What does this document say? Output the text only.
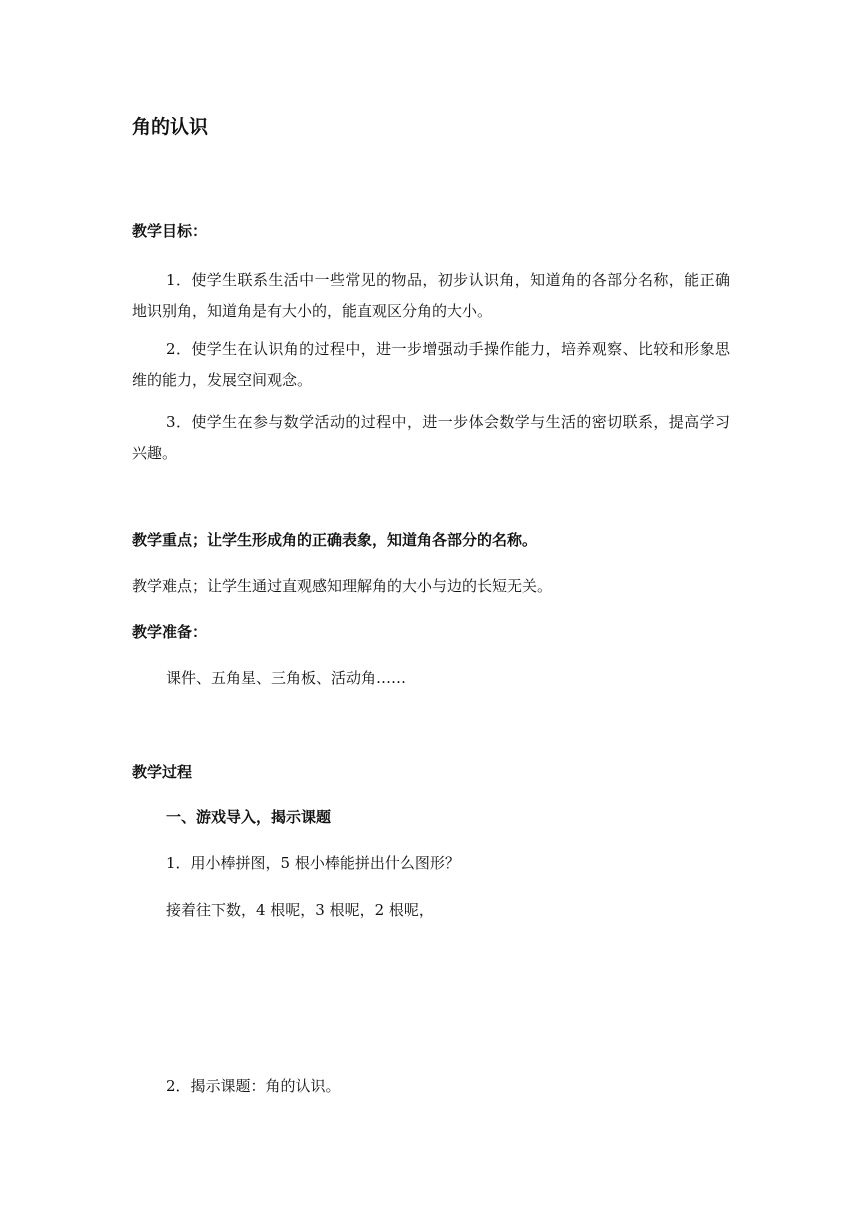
角的认识
教学目标：

1．使学生联系生活中一些常见的物品，初步认识角，知道角的各部分名称，能正确地识别角，知道角是有大小的，能直观区分角的大小。

2．使学生在认识角的过程中，进一步增强动手操作能力，培养观察、比较和形象思维的能力，发展空间观念。

3．使学生在参与数学活动的过程中，进一步体会数学与生活的密切联系，提高学习兴趣。

教学重点；让学生形成角的正确表象，知道角各部分的名称。
教学难点；让学生通过直观感知理解角的大小与边的长短无关。
教学准备：
课件、五角星、三角板、活动角……
教学过程
一、游戏导入，揭示课题
1．用小棒拼图，5 根小棒能拼出什么图形？
接着往下数，4 根呢，3 根呢，2 根呢，
2．揭示课题：角的认识。
